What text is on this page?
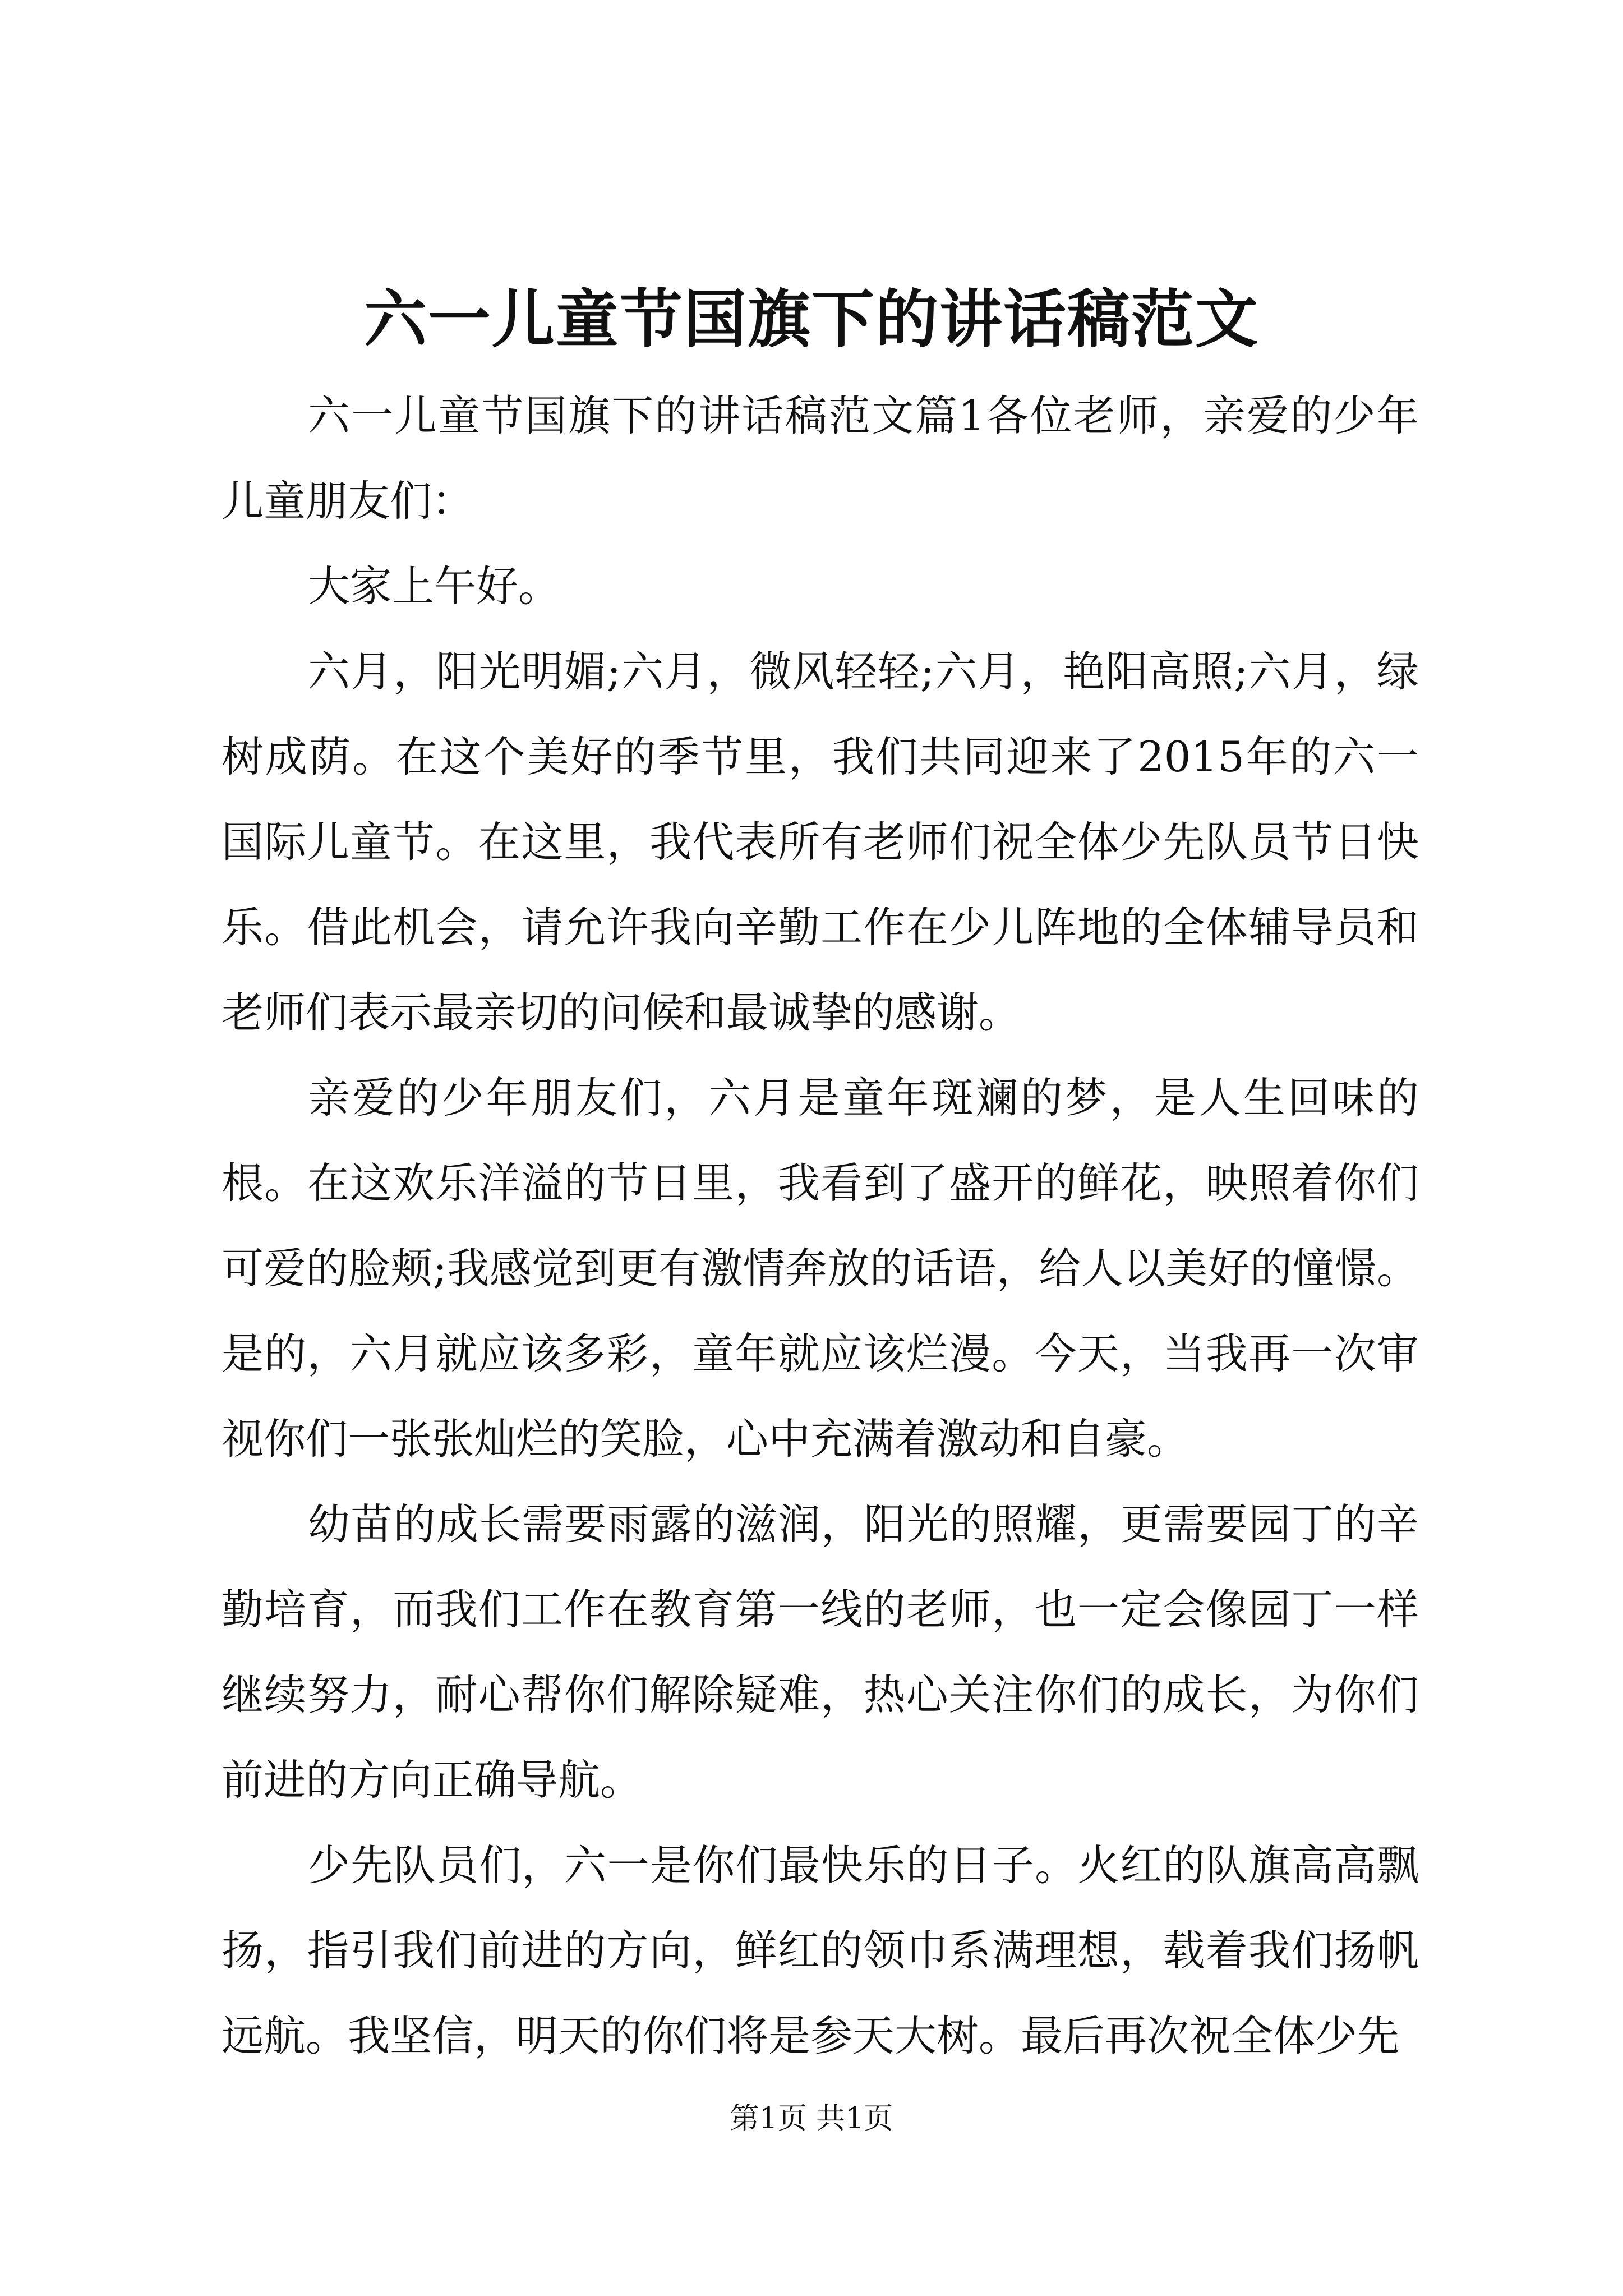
六一儿童节国旗下的讲话稿范文

六一儿童节国旗下的讲话稿范文篇1各位老师，亲爱的少年儿童朋友们：

大家上午好。

六月，阳光明媚;六月，微风轻轻;六月，艳阳高照;六月，绿树成荫。在这个美好的季节里，我们共同迎来了2015年的六一国际儿童节。在这里，我代表所有老师们祝全体少先队员节日快乐。借此机会，请允许我向辛勤工作在少儿阵地的全体辅导员和老师们表示最亲切的问候和最诚挚的感谢。

亲爱的少年朋友们，六月是童年斑斓的梦，是人生回味的根。在这欢乐洋溢的节日里，我看到了盛开的鲜花，映照着你们可爱的脸颊;我感觉到更有激情奔放的话语，给人以美好的憧憬。是的，六月就应该多彩，童年就应该烂漫。今天，当我再一次审视你们一张张灿烂的笑脸，心中充满着激动和自豪。

幼苗的成长需要雨露的滋润，阳光的照耀，更需要园丁的辛勤培育，而我们工作在教育第一线的老师，也一定会像园丁一样继续努力，耐心帮你们解除疑难，热心关注你们的成长，为你们前进的方向正确导航。

少先队员们，六一是你们最快乐的日子。火红的队旗高高飘扬，指引我们前进的方向，鲜红的领巾系满理想，载着我们扬帆远航。我坚信，明天的你们将是参天大树。最后再次祝全体少先

第1页 共1页
